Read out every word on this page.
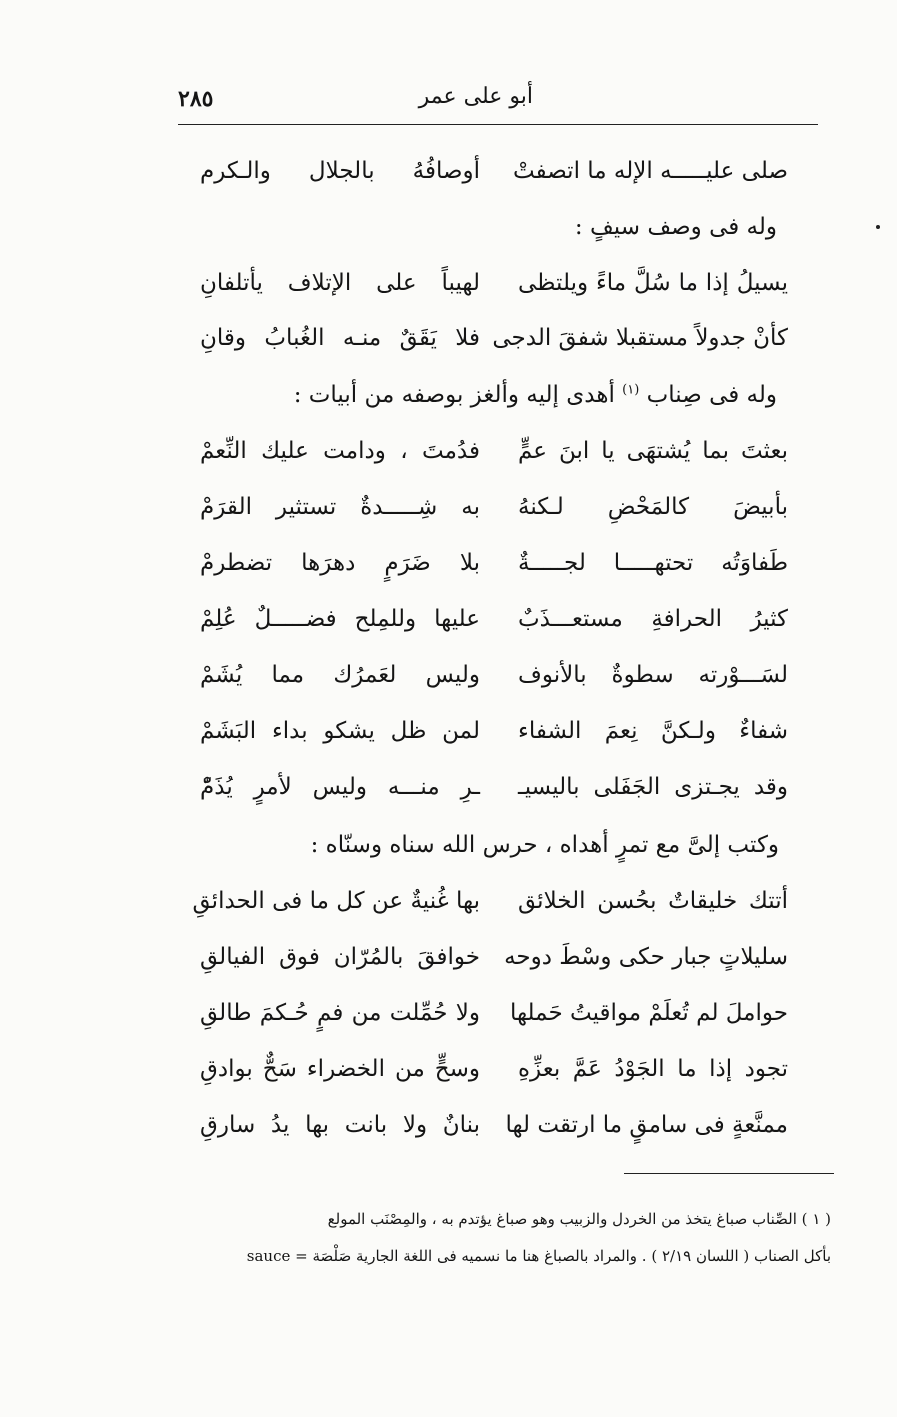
أبو على عمر
٢٨٥
صلى عليـــــه الإله ما اتصفتْ
أوصافُهُ بالجلال والـكرم
وله فى وصف سيفٍ :
يسيلُ إذا ما سُلَّ ماءً ويلتظى
لهيباً على الإتلاف يأتلفانِ
كأنْ جدولاً مستقبلا شفقَ الدجى
فلا يَقَقٌ منـه الغُبابُ وقانِ
وله فى صِناب $^{(١)}$ أهدى إليه وألغز بوصفه من أبيات :
بعثتَ بما يُشتهَى يا ابنَ عمٍّ
فدُمتَ ، ودامت عليك النِّعمْ
بأبيضَ كالمَحْضِ لـكنهُ
به شِـــــدةٌ تستثير القرَمْ
طَفاوَتُه تحتهـــــا لجـــــةٌ
بلا ضَرَمٍ دهرَها تضطرمْ
كثيرُ الحرافةِ مستعـــذَبٌ
عليها وللمِلح فضـــــلٌ عُلِمْ
لسَـــوْرته سطوةٌ بالأنوف
وليس لعَمرُك مما يُشَمْ
شفاءٌ ولـكنَّ نِعمَ الشفاء
لمن ظل يشكو بداء البَشَمْ
وقد يجـتزى الجَفَلى باليسيـ
ـرِ منـــه وليس لأمرٍ يُذَمّْ
وكتب إلىَّ مع تمرٍ أهداه ، حرس الله سناه وسنّاه :
أتتك خليقاتٌ بحُسن الخلائق
بها غُنيةٌ عن كل ما فى الحدائقِ
سليلاتٍ جبار حكى وسْطَ دوحه
خوافقَ بالمُرّان فوق الفيالقِ
حواملَ لم تُعلَمْ مواقيتُ حَملها
ولا حُمِّلت من فمٍ حُـكمَ طالقِ
تجود إذا ما الجَوْدُ عَمَّ بعزِّهِ
وسحٍّ من الخضراء سَحٌّ بوادقِ
ممنَّعةٍ فى سامقٍ ما ارتقت لها
بنانٌ ولا بانت بها يدُ سارقِ
( ١ ) الصِّناب صباغ يتخذ من الخردل والزبيب وهو صباغ يؤتدم به ، والمِصْنَب المولع
بأكل الصناب ( اللسان ٢/١٩ ) . والمراد بالصباغ هنا ما نسميه فى اللغة الجارية صَلْصَة = sauce
